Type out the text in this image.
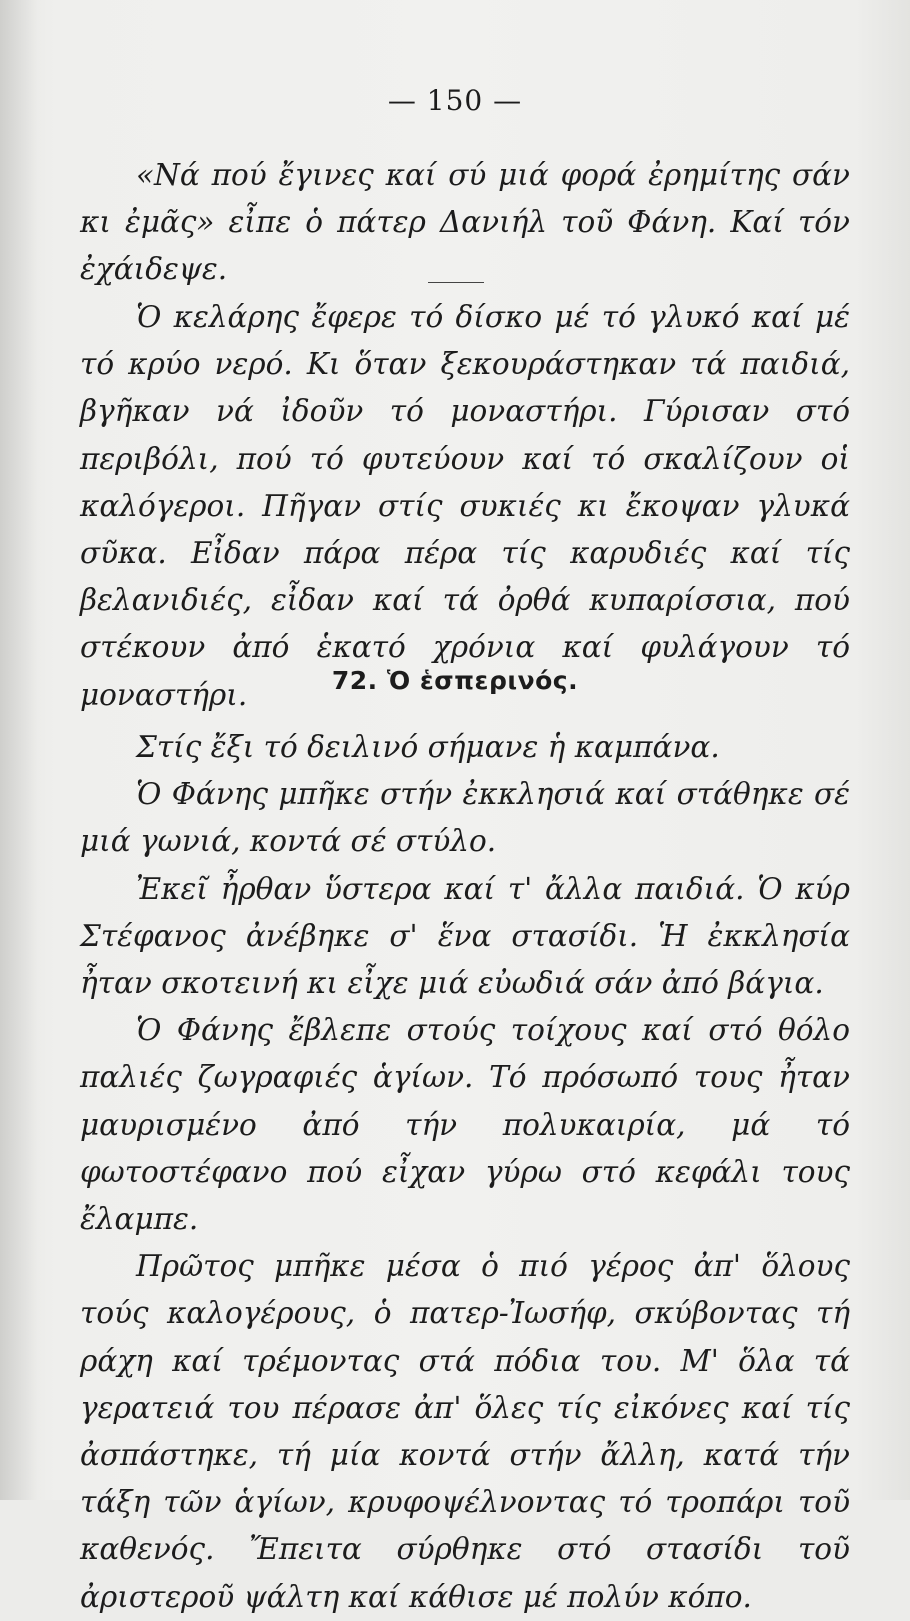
— 150 —

«Νά πού ἔγινες καί σύ μιά φορά ἐρημίτης σάν κι ἐμᾶς» εἶπε ὁ πάτερ Δανιήλ τοῦ Φάνη. Καί τόν ἐχάιδεψε.

Ὁ κελάρης ἔφερε τό δίσκο μέ τό γλυκό καί μέ τό κρύο νερό. Κι ὅταν ξεκουράστηκαν τά παιδιά, βγῆκαν νά ἰδοῦν τό μοναστήρι. Γύρισαν στό περιβόλι, πού τό φυτεύουν καί τό σκαλίζουν οἱ καλόγεροι. Πῆγαν στίς συκιές κι ἔκοψαν γλυκά σῦκα. Εἶδαν πάρα πέρα τίς καρυδιές καί τίς βελανιδιές, εἶδαν καί τά ὀρθά κυπαρίσσια, πού στέκουν ἀπό ἑκατό χρόνια καί φυλάγουν τό μοναστήρι.	72. Ὁ ἑσπερινός.

Στίς ἔξι τό δειλινό σήμανε ἡ καμπάνα.

Ὁ Φάνης μπῆκε στήν ἐκκλησιά καί στάθηκε σέ μιά γωνιά, κοντά σέ στύλο.

Ἐκεῖ ἦρθαν ὕστερα καί τ' ἄλλα παιδιά. Ὁ κύρ Στέφανος ἀνέβηκε σ' ἕνα στασίδι. Ἡ ἐκκλησία ἦταν σκοτεινή κι εἶχε μιά εὐωδιά σάν ἀπό βάγια.

Ὁ Φάνης ἔβλεπε στούς τοίχους καί στό θόλο παλιές ζωγραφιές ἁγίων. Τό πρόσωπό τους ἦταν μαυρισμένο ἀπό τήν πολυκαιρία, μά τό φωτοστέφανο πού εἶχαν γύρω στό κεφάλι τους ἔλαμπε.

Πρῶτος μπῆκε μέσα ὁ πιό γέρος ἀπ' ὅλους τούς καλογέρους, ὁ πατερ-Ἰωσήφ, σκύβοντας τή ράχη καί τρέμοντας στά πόδια του. Μ' ὅλα τά γερατειά του πέρασε ἀπ' ὅλες τίς εἰκόνες καί τίς ἀσπάστηκε, τή μία κοντά στήν ἄλλη, κατά τήν τάξη τῶν ἁγίων, κρυφοψέλνοντας τό τροπάρι τοῦ καθενός. Ἔπειτα σύρθηκε στό στασίδι τοῦ ἀριστεροῦ ψάλτη καί κάθισε μέ πολύν κόπο.
